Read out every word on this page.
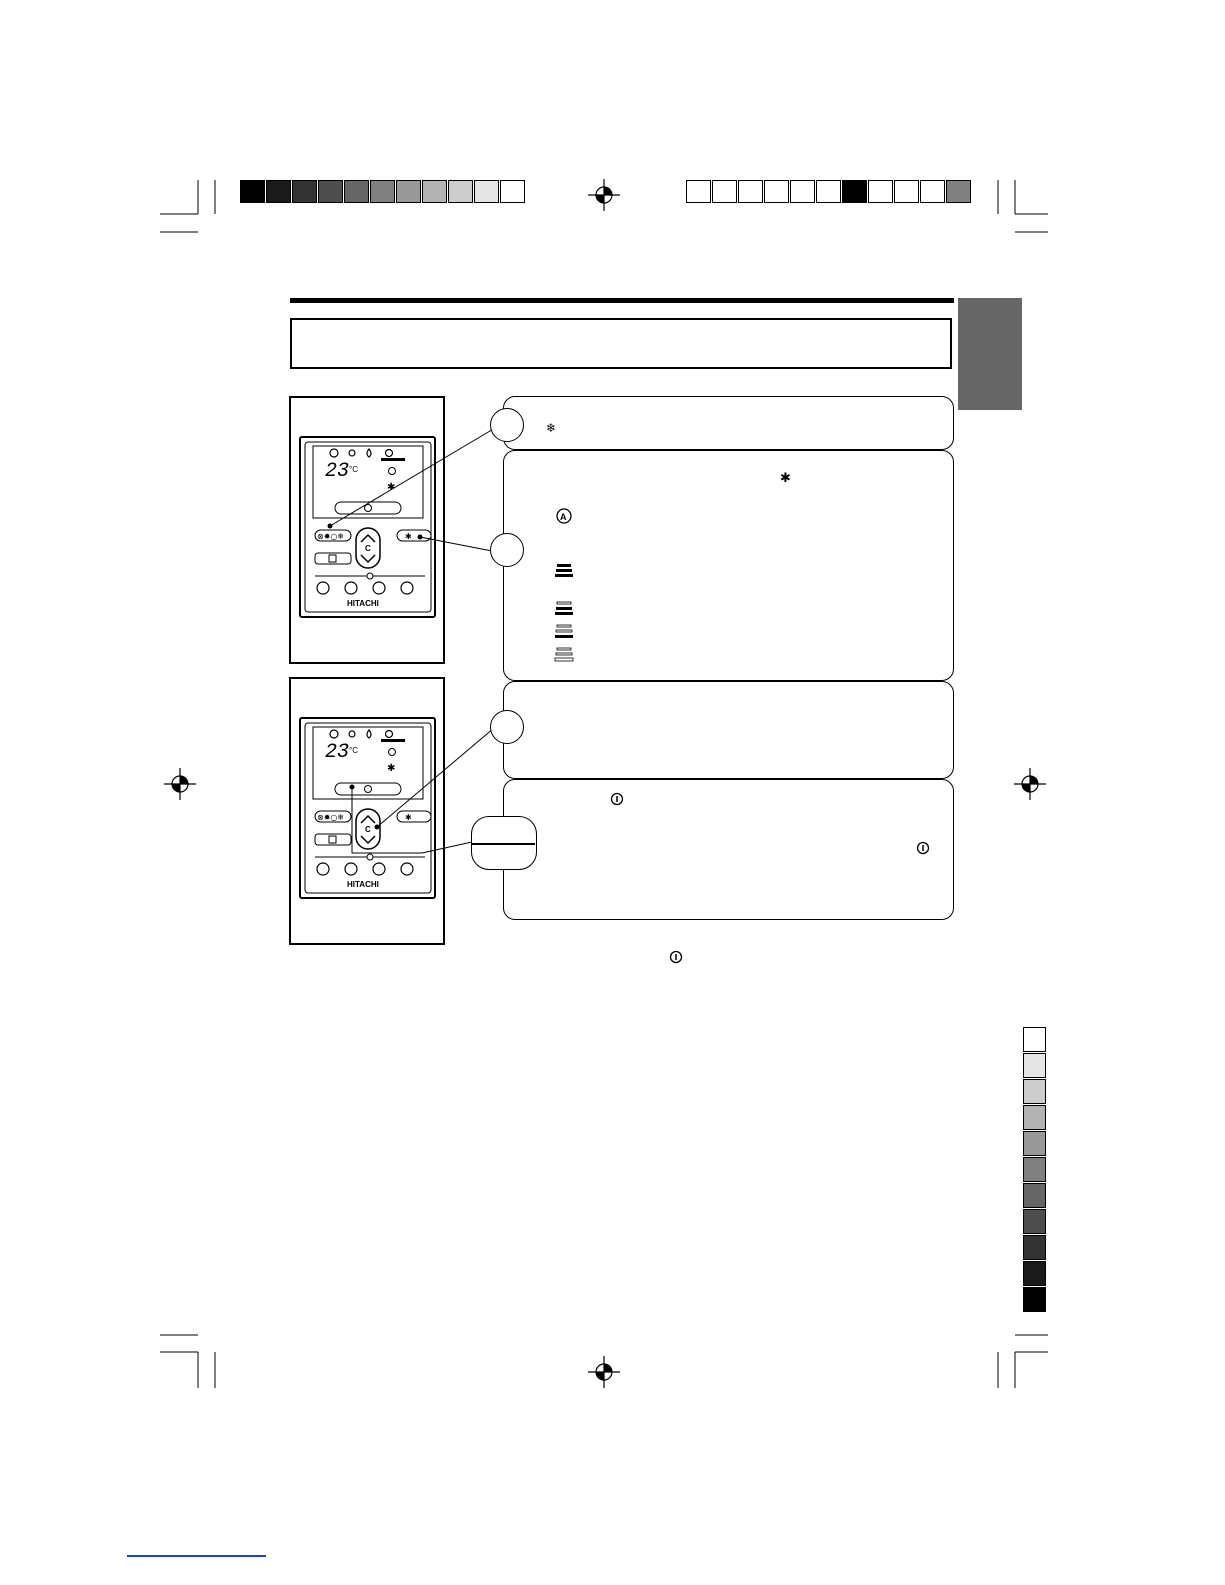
23 °C
✱
⊗✹○❄	✱
C
HITACHI
23 °C
✱
⊗✹○❄	✱
C
HITACHI
❄
✱
A
